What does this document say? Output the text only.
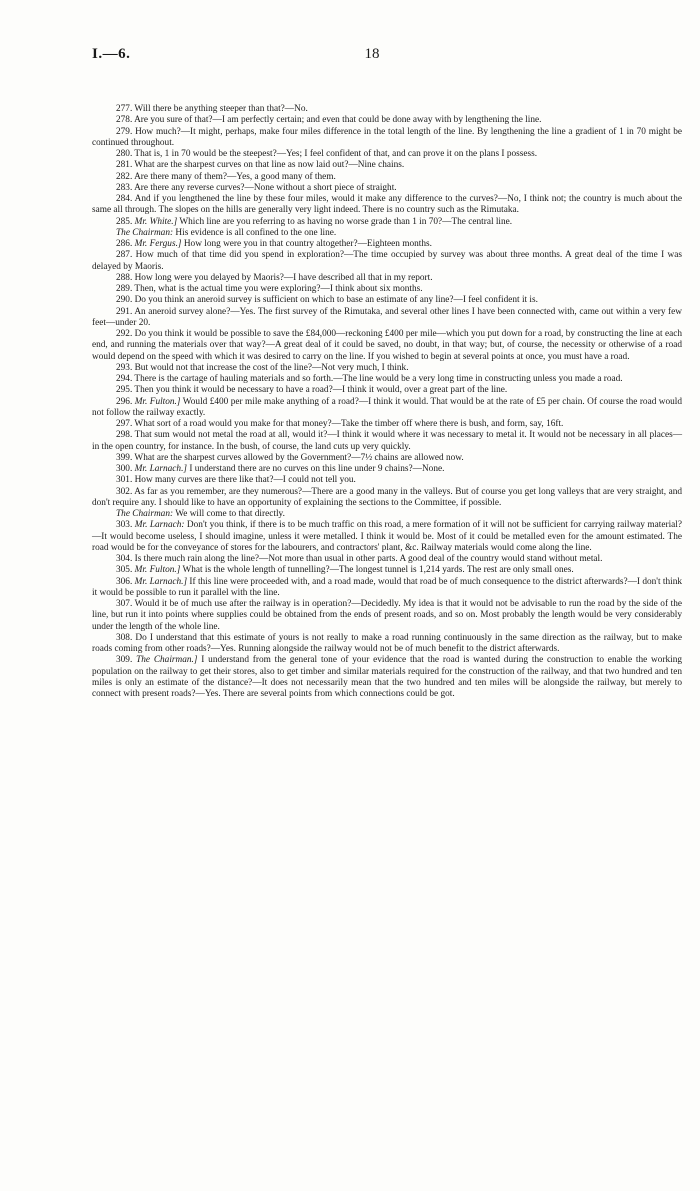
I.—6.	18

277. Will there be anything steeper than that?—No.

278. Are you sure of that?—I am perfectly certain; and even that could be done away with by lengthening the line.

279. How much?—It might, perhaps, make four miles difference in the total length of the line. By lengthening the line a gradient of 1 in 70 might be continued throughout.

280. That is, 1 in 70 would be the steepest?—Yes; I feel confident of that, and can prove it on the plans I possess.

281. What are the sharpest curves on that line as now laid out?—Nine chains.

282. Are there many of them?—Yes, a good many of them.

283. Are there any reverse curves?—None without a short piece of straight.

284. And if you lengthened the line by these four miles, would it make any difference to the curves?—No, I think not; the country is much about the same all through. The slopes on the hills are generally very light indeed. There is no country such as the Rimutaka.

285. Mr. White.] Which line are you referring to as having no worse grade than 1 in 70?—The central line.

The Chairman: His evidence is all confined to the one line.

286. Mr. Fergus.] How long were you in that country altogether?—Eighteen months.

287. How much of that time did you spend in exploration?—The time occupied by survey was about three months. A great deal of the time I was delayed by Maoris.

288. How long were you delayed by Maoris?—I have described all that in my report.

289. Then, what is the actual time you were exploring?—I think about six months.

290. Do you think an aneroid survey is sufficient on which to base an estimate of any line?—I feel confident it is.

291. An aneroid survey alone?—Yes. The first survey of the Rimutaka, and several other lines I have been connected with, came out within a very few feet—under 20.

292. Do you think it would be possible to save the £84,000—reckoning £400 per mile—which you put down for a road, by constructing the line at each end, and running the materials over that way?—A great deal of it could be saved, no doubt, in that way; but, of course, the necessity or otherwise of a road would depend on the speed with which it was desired to carry on the line. If you wished to begin at several points at once, you must have a road.

293. But would not that increase the cost of the line?—Not very much, I think.

294. There is the cartage of hauling materials and so forth.—The line would be a very long time in constructing unless you made a road.

295. Then you think it would be necessary to have a road?—I think it would, over a great part of the line.

296. Mr. Fulton.] Would £400 per mile make anything of a road?—I think it would. That would be at the rate of £5 per chain. Of course the road would not follow the railway exactly.

297. What sort of a road would you make for that money?—Take the timber off where there is bush, and form, say, 16ft.

298. That sum would not metal the road at all, would it?—I think it would where it was necessary to metal it. It would not be necessary in all places—in the open country, for instance. In the bush, of course, the land cuts up very quickly.

399. What are the sharpest curves allowed by the Government?—7½ chains are allowed now.

300. Mr. Larnach.] I understand there are no curves on this line under 9 chains?—None.

301. How many curves are there like that?—I could not tell you.

302. As far as you remember, are they numerous?—There are a good many in the valleys. But of course you get long valleys that are very straight, and don't require any. I should like to have an opportunity of explaining the sections to the Committee, if possible.

The Chairman: We will come to that directly.

303. Mr. Larnach: Don't you think, if there is to be much traffic on this road, a mere formation of it will not be sufficient for carrying railway material?—It would become useless, I should imagine, unless it were metalled. I think it would be. Most of it could be metalled even for the amount estimated. The road would be for the conveyance of stores for the labourers, and contractors' plant, &c. Railway materials would come along the line.

304. Is there much rain along the line?—Not more than usual in other parts. A good deal of the country would stand without metal.

305. Mr. Fulton.] What is the whole length of tunnelling?—The longest tunnel is 1,214 yards. The rest are only small ones.

306. Mr. Larnach.] If this line were proceeded with, and a road made, would that road be of much consequence to the district afterwards?—I don't think it would be possible to run it parallel with the line.

307. Would it be of much use after the railway is in operation?—Decidedly. My idea is that it would not be advisable to run the road by the side of the line, but run it into points where supplies could be obtained from the ends of present roads, and so on. Most probably the length would be very considerably under the length of the whole line.

308. Do I understand that this estimate of yours is not really to make a road running continuously in the same direction as the railway, but to make roads coming from other roads?—Yes. Running alongside the railway would not be of much benefit to the district afterwards.

309. The Chairman.] I understand from the general tone of your evidence that the road is wanted during the construction to enable the working population on the railway to get their stores, also to get timber and similar materials required for the construction of the railway, and that two hundred and ten miles is only an estimate of the distance?—It does not necessarily mean that the two hundred and ten miles will be alongside the railway, but merely to connect with present roads?—Yes. There are several points from which connections could be got.
